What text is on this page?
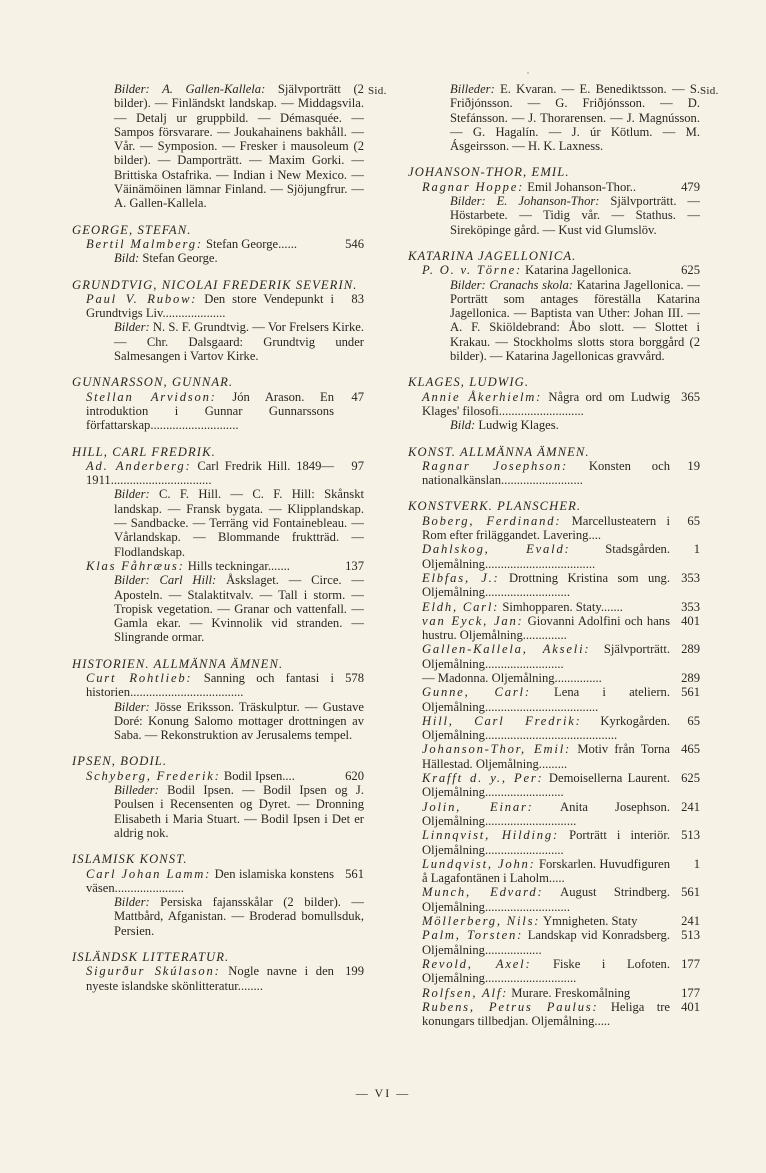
Sid.	Sid.
Bilder: A. Gallen-Kallela: Självporträtt (2 bilder). — Finländskt landskap. — Middagsvila. — Detalj ur gruppbild. — Démasquée. — Sampos försvarare. — Joukahainens bakhåll. — Vår. — Symposion. — Fresker i mausoleum (2 bilder). — Damporträtt. — Maxim Gorki. — Brittiska Ostafrika. — Indian i New Mexico. — Väinämöinen lämnar Finland. — Sjöjungfrur. — A. Gallen-Kallela.
GEORGE, STEFAN.
546
Bertil Malmberg: Stefan George......
Bild: Stefan George.
GRUNDTVIG, NICOLAI FREDERIK SEVERIN.
83
Paul V. Rubow: Den store Vendepunkt i Grundtvigs Liv....................
Bilder: N. S. F. Grundtvig. — Vor Frelsers Kirke. — Chr. Dalsgaard: Grundtvig under Salmesangen i Vartov Kirke.
GUNNARSSON, GUNNAR.
47
Stellan Arvidson: Jón Arason. En introduktion i Gunnar Gunnarssons författarskap............................
HILL, CARL FREDRIK.
97
Ad. Anderberg: Carl Fredrik Hill. 1849—1911................................
Bilder: C. F. Hill. — C. F. Hill: Skånskt landskap. — Fransk bygata. — Klipplandskap. — Sandbacke. — Terräng vid Fontainebleau. — Vårlandskap. — Blommande fruktträd. — Flodlandskap.
137
Klas Fåhræus: Hills teckningar.......
Bilder: Carl Hill: Åskslaget. — Circe. — Aposteln. — Stalaktitvalv. — Tall i storm. — Tropisk vegetation. — Granar och vattenfall. — Gamla ekar. — Kvinnolik vid stranden. — Slingrande ormar.
HISTORIEN. ALLMÄNNA ÄMNEN.
578
Curt Rohtlieb: Sanning och fantasi i historien....................................
Bilder: Jösse Eriksson. Träskulptur. — Gustave Doré: Konung Salomo mottager drottningen av Saba. — Rekonstruktion av Jerusalems tempel.
IPSEN, BODIL.
620
Schyberg, Frederik: Bodil Ipsen....
Billeder: Bodil Ipsen. — Bodil Ipsen og J. Poulsen i Recensenten og Dyret. — Dronning Elisabeth i Maria Stuart. — Bodil Ipsen i Det er aldrig nok.
ISLAMISK KONST.
561
Carl Johan Lamm: Den islamiska konstens väsen......................
Bilder: Persiska fajansskålar (2 bilder). — Mattbård, Afganistan. — Broderad bomullsduk, Persien.
ISLÄNDSK LITTERATUR.
199
Sigurður Skúlason: Nogle navne i den nyeste islandske skönlitteratur........
Billeder: E. Kvaran. — E. Benediktsson. — S. Friðjónsson. — G. Friðjónsson. — D. Stefánsson. — J. Thorarensen. — J. Magnússon. — G. Hagalín. — J. úr Kötlum. — M. Ásgeirsson. — H. K. Laxness.
JOHANSON-THOR, EMIL.
479
Ragnar Hoppe: Emil Johanson-Thor..
Bilder: E. Johanson-Thor: Självporträtt. — Höstarbete. — Tidig vår. — Stathus. — Sireköpinge gård. — Kust vid Glumslöv.
KATARINA JAGELLONICA.
625
P. O. v. Törne: Katarina Jagellonica.
Bilder: Cranachs skola: Katarina Jagellonica. — Porträtt som antages föreställa Katarina Jagellonica. — Baptista van Uther: Johan III. — A. F. Skiöldebrand: Åbo slott. — Slottet i Krakau. — Stockholms slotts stora borggård (2 bilder). — Katarina Jagellonicas gravvård.
KLAGES, LUDWIG.
365
Annie Åkerhielm: Några ord om Ludwig Klages' filosofi...........................
Bild: Ludwig Klages.
KONST. ALLMÄNNA ÄMNEN.
19
Ragnar Josephson: Konsten och nationalkänslan..........................
KONSTVERK. PLANSCHER.
65
Boberg, Ferdinand: Marcellusteatern i Rom efter friläggandet. Lavering....
1
Dahlskog, Evald:	Stadsgården. Oljemålning...................................
353
Elbfas, J.: Drottning Kristina som ung. Oljemålning...........................
353
Eldh, Carl: Simhopparen. Staty.......
401
van Eyck, Jan: Giovanni Adolfini och hans hustru. Oljemålning..............
289
Gallen-Kallela, Akseli: Självporträtt. Oljemålning.........................
289
— Madonna. Oljemålning...............
561
Gunne, Carl: Lena i ateliern. Oljemålning....................................
65
Hill, Carl Fredrik: Kyrkogården. Oljemålning..........................................
465
Johanson-Thor, Emil: Motiv från Torna Hällestad. Oljemålning.........
625
Krafft d. y., Per: Demoisellerna Laurent. Oljemålning.........................
241
Jolin, Einar: Anita Josephson. Oljemålning.............................
513
Linnqvist, Hilding: Porträtt i interiör. Oljemålning.........................
1
Lundqvist, John: Forskarlen. Huvudfiguren å Lagafontänen i Laholm.....
561
Munch, Edvard: August Strindberg. Oljemålning...........................
241
Möllerberg, Nils: Ymnigheten. Staty
513
Palm, Torsten: Landskap vid Konradsberg. Oljemålning..................
177
Revold, Axel: Fiske i Lofoten. Oljemålning.............................
177
Rolfsen, Alf: Murare. Freskomålning
401
Rubens, Petrus Paulus: Heliga tre konungars tillbedjan. Oljemålning.....
— VI —
